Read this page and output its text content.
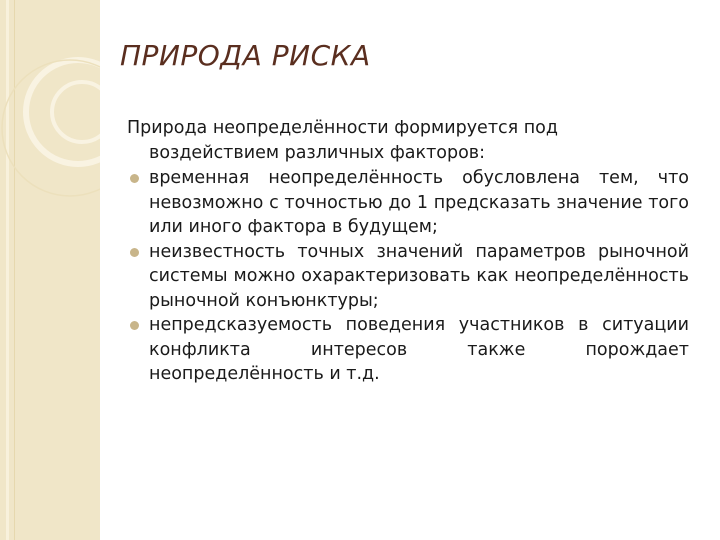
ПРИРОДА РИСКА

Природа неопределённости формируется под воздействием различных факторов:

временная неопределённость обусловлена тем, что невозможно с точностью до 1 предсказать значение того или иного фактора в будущем;

неизвестность точных значений параметров рыночной системы можно охарактеризовать как неопределённость рыночной конъюнктуры;

непредсказуемость поведения участников в ситуации конфликта интересов также порождает неопределённость и т.д.
